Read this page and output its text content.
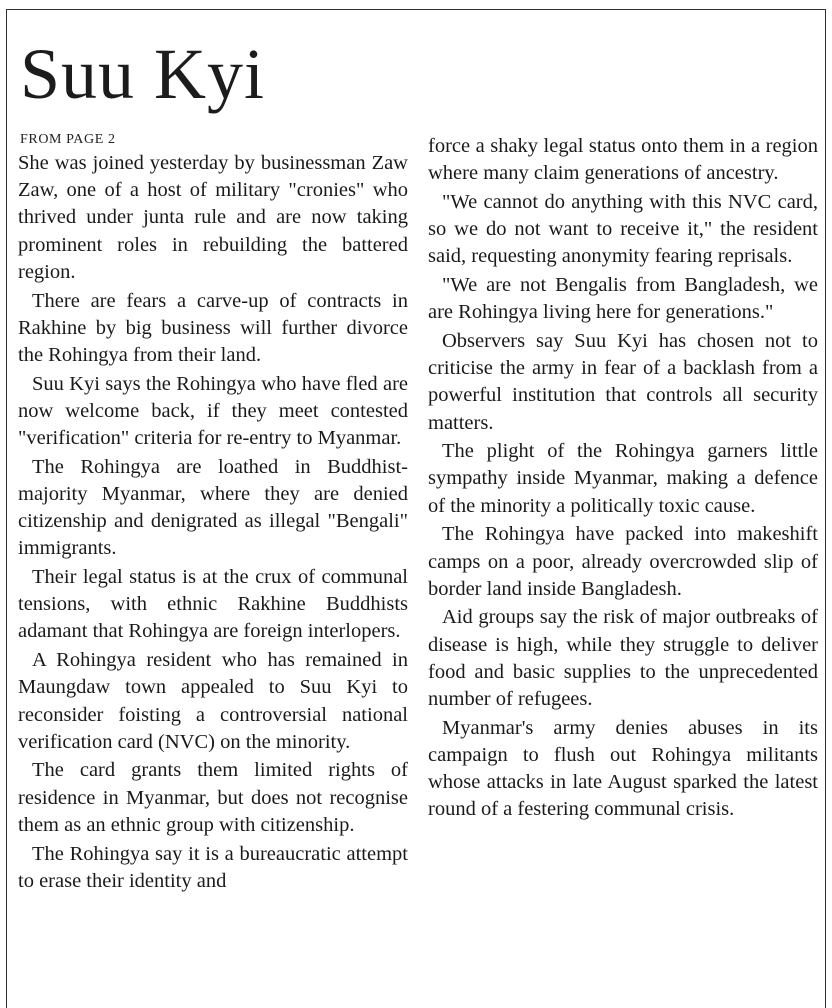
Suu Kyi
FROM PAGE 2

She was joined yesterday by businessman Zaw Zaw, one of a host of military "cronies" who thrived under junta rule and are now taking prominent roles in rebuilding the battered region.

There are fears a carve-up of contracts in Rakhine by big business will further divorce the Rohingya from their land.

Suu Kyi says the Rohingya who have fled are now welcome back, if they meet contested "verification" criteria for re-entry to Myanmar.

The Rohingya are loathed in Buddhist-majority Myanmar, where they are denied citizenship and denigrated as illegal "Bengali" immigrants.

Their legal status is at the crux of communal tensions, with ethnic Rakhine Buddhists adamant that Rohingya are foreign interlopers.

A Rohingya resident who has remained in Maungdaw town appealed to Suu Kyi to reconsider foisting a controversial national verification card (NVC) on the minority.

The card grants them limited rights of residence in Myanmar, but does not recognise them as an ethnic group with citizenship.

The Rohingya say it is a bureaucratic attempt to erase their identity and

force a shaky legal status onto them in a region where many claim generations of ancestry.

"We cannot do anything with this NVC card, so we do not want to receive it," the resident said, requesting anonymity fearing reprisals.

"We are not Bengalis from Bangladesh, we are Rohingya living here for generations."

Observers say Suu Kyi has chosen not to criticise the army in fear of a backlash from a powerful institution that controls all security matters.

The plight of the Rohingya garners little sympathy inside Myanmar, making a defence of the minority a politically toxic cause.

The Rohingya have packed into makeshift camps on a poor, already overcrowded slip of border land inside Bangladesh.

Aid groups say the risk of major outbreaks of disease is high, while they struggle to deliver food and basic supplies to the unprecedented number of refugees.

Myanmar's army denies abuses in its campaign to flush out Rohingya militants whose attacks in late August sparked the latest round of a festering communal crisis.
